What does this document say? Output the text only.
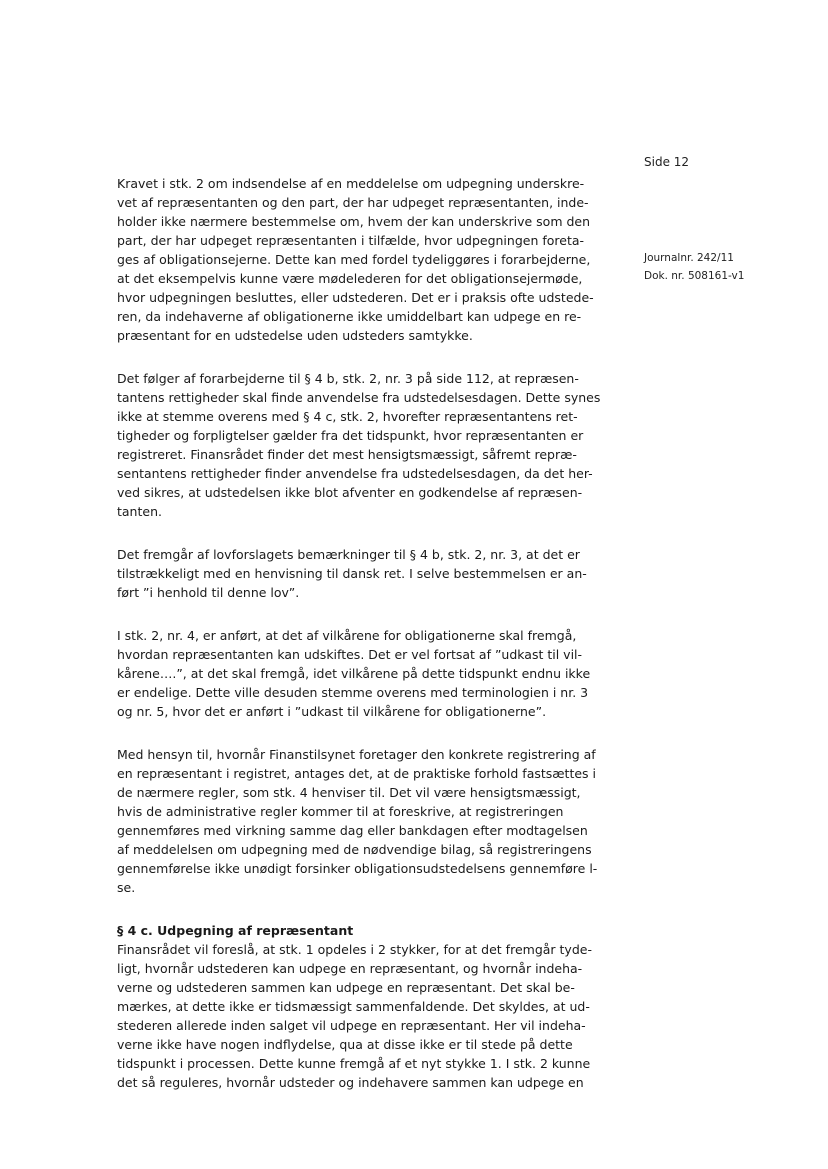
Side 12
Journalnr. 242/11
Dok. nr. 508161-v1

Kravet i stk. 2 om indsendelse af en meddelelse om udpegning underskre-
vet af repræsentanten og den part, der har udpeget repræsentanten, inde-
holder ikke nærmere bestemmelse om, hvem der kan underskrive som den
part, der har udpeget repræsentanten i tilfælde, hvor udpegningen foreta-
ges af obligationsejerne. Dette kan med fordel tydeliggøres i forarbejderne,
at det eksempelvis kunne være mødelederen for det obligationsejermøde,
hvor udpegningen besluttes, eller udstederen. Det er i praksis ofte udstede-
ren, da indehaverne af obligationerne ikke umiddelbart kan udpege en re-
præsentant for en udstedelse uden udsteders samtykke.

Det følger af forarbejderne til § 4 b, stk. 2, nr. 3 på side 112, at repræsen-
tantens rettigheder skal finde anvendelse fra udstedelsesdagen. Dette synes
ikke at stemme overens med § 4 c, stk. 2, hvorefter repræsentantens ret-
tigheder og forpligtelser gælder fra det tidspunkt, hvor repræsentanten er
registreret. Finansrådet finder det mest hensigtsmæssigt, såfremt repræ-
sentantens rettigheder finder anvendelse fra udstedelsesdagen, da det her-
ved sikres, at udstedelsen ikke blot afventer en godkendelse af repræsen-
tanten.

Det fremgår af lovforslagets bemærkninger til § 4 b, stk. 2, nr. 3, at det er
tilstrækkeligt med en henvisning til dansk ret. I selve bestemmelsen er an-
ført ”i henhold til denne lov”.

I stk. 2, nr. 4, er anført, at det af vilkårene for obligationerne skal fremgå,
hvordan repræsentanten kan udskiftes. Det er vel fortsat af ”udkast til vil-
kårene….”, at det skal fremgå, idet vilkårene på dette tidspunkt endnu ikke
er endelige. Dette ville desuden stemme overens med terminologien i nr. 3
og nr. 5, hvor det er anført i ”udkast til vilkårene for obligationerne”.

Med hensyn til, hvornår Finanstilsynet foretager den konkrete registrering af
en repræsentant i registret, antages det, at de praktiske forhold fastsættes i
de nærmere regler, som stk. 4 henviser til. Det vil være hensigtsmæssigt,
hvis de administrative regler kommer til at foreskrive, at registreringen
gennemføres med virkning samme dag eller bankdagen efter modtagelsen
af meddelelsen om udpegning med de nødvendige bilag, så registreringens
gennemførelse ikke unødigt forsinker obligationsudstedelsens gennemføre l-
se.

§ 4 c. Udpegning af repræsentant
Finansrådet vil foreslå, at stk. 1 opdeles i 2 stykker, for at det fremgår tyde-
ligt, hvornår udstederen kan udpege en repræsentant, og hvornår indeha-
verne og udstederen sammen kan udpege en repræsentant. Det skal be-
mærkes, at dette ikke er tidsmæssigt sammenfaldende. Det skyldes, at ud-
stederen allerede inden salget vil udpege en repræsentant. Her vil indeha-
verne ikke have nogen indflydelse, qua at disse ikke er til stede på dette
tidspunkt i processen. Dette kunne fremgå af et nyt stykke 1. I stk. 2 kunne
det så reguleres, hvornår udsteder og indehavere sammen kan udpege en
